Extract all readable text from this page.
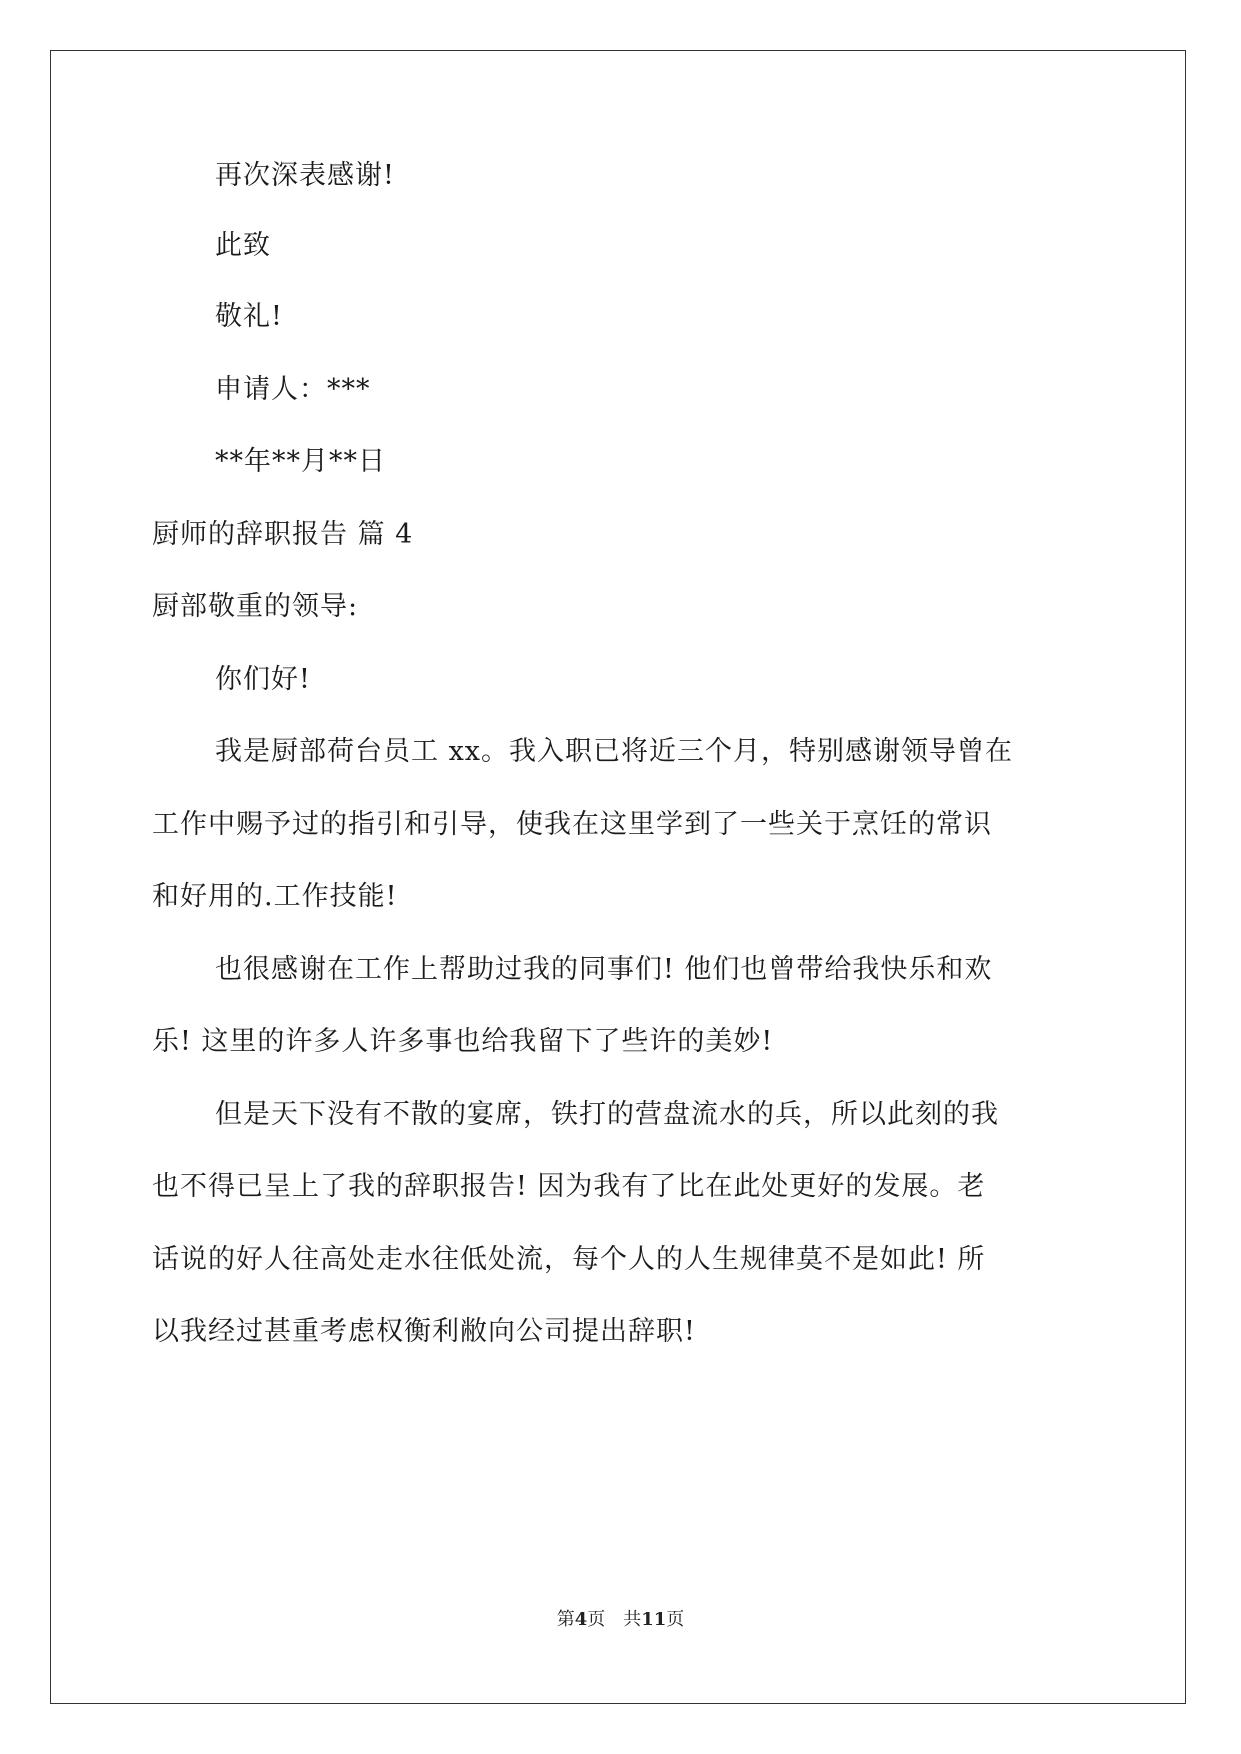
再次深表感谢!
此致
敬礼!
申请人：***
**年**月**日
厨师的辞职报告 篇 4
厨部敬重的领导:
你们好!
我是厨部荷台员工 xx。我入职已将近三个月，特别感谢领导曾在
工作中赐予过的指引和引导，使我在这里学到了一些关于烹饪的常识
和好用的.工作技能!
也很感谢在工作上帮助过我的同事们! 他们也曾带给我快乐和欢
乐! 这里的许多人许多事也给我留下了些许的美妙!
但是天下没有不散的宴席，铁打的营盘流水的兵，所以此刻的我
也不得已呈上了我的辞职报告! 因为我有了比在此处更好的发展。老
话说的好人往高处走水往低处流，每个人的人生规律莫不是如此! 所
以我经过甚重考虑权衡利敝向公司提出辞职!
第4页　共11页
